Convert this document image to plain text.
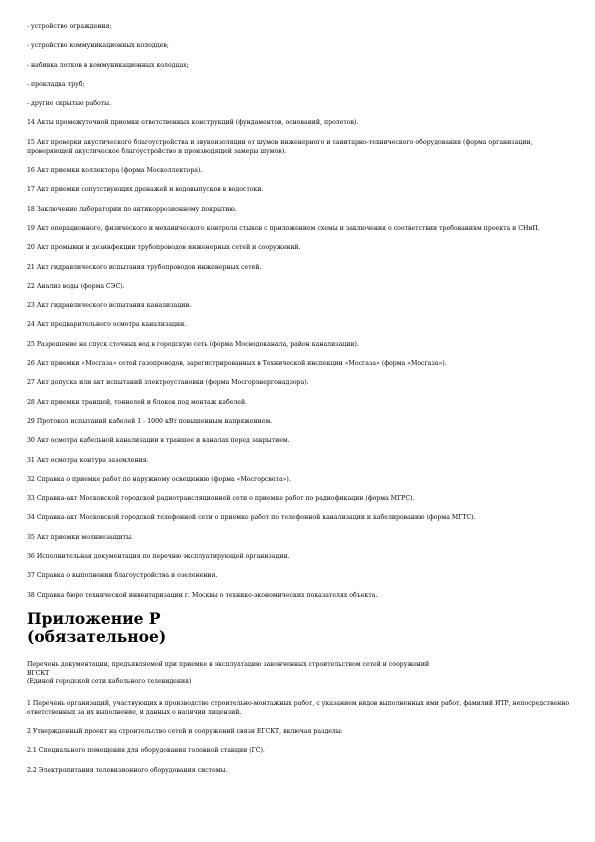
- устройство ограждения;

- устройство коммуникационных колодцев;

- набивка лотков в коммуникационных колодцах;

- прокладка труб;

- другие скрытые работы.

14 Акты промежуточной приемки ответственных конструкций (фундаментов, оснований, пролетов).

15 Акт проверки акустического благоустройства и звукоизоляции от шумов инженерного и санитарно-технического оборудования (форма организации, проверяющей акустическое благоустройство и производящей замеры шумов).

16 Акт приемки коллектора (форма Москоллектора).

17 Акт приемки сопутствующих дренажей и водовыпусков в водостоки.

18 Заключение лаборатории по антикоррозионному покрытию.

19 Акт операционного, физического и механического контроля стыков с приложением схемы и заключения о соответствии требованиям проекта и СНиП.

20 Акт промывки и дезинфекции трубопроводов инженерных сетей и сооружений.

21 Акт гидравлического испытания трубопроводов инженерных сетей.

22 Анализ воды (форма СЭС).

23 Акт гидравлического испытания канализации.

24 Акт предварительного осмотра канализации.

25 Разрешение на спуск сточных вод в городскую сеть (форма Мосводоканала, район канализации).

26 Акт приемки «Мосгаза» сетей газопроводов, зарегистрированных в Технической инспекции «Мосгаза» (форма «Мосгаза»).

27 Акт допуска или акт испытаний электроустановки (форма Мосгорэнергонадзора).

28 Акт приемки траншей, тоннелей и блоков под монтаж кабелей.

29 Протокол испытаний кабелей 1 - 1000 кВт повышенным напряжением.

30 Акт осмотра кабельной канализации в траншее и каналах перед закрытием.

31 Акт осмотра контура заземления.

32 Справка о приемке работ по наружному освещению (форма «Мосгорсвета»).

33 Справка-акт Московской городской радиотрансляционной сети о приемке работ по радиофикации (форма МГРС).

34 Справка-акт Московской городской телефонной сети о приемке работ по телефонной канализации и кабелированию (форма МГТС).

35 Акт приемки молниезащиты.

36 Исполнительная документация по перечню эксплуатирующей организации.

37 Справка о выполнении благоустройства и озеленения.

38 Справка бюро технической инвентаризации г. Москвы о технико-экономических показателях объекта.

Приложение Р
(обязательное)
Перечень документации, предъявляемой при приемке в эксплуатацию законченных строительством сетей и сооружений
ВГСКТ
(Единой городской сети кабельного телевидения)

1 Перечень организаций, участвующих в производстве строительно-монтажных работ, с указанием видов выполненных ими работ, фамилий ИТР, непосредственно ответственных за их выполнение, и данных о наличии лицензий.

2 Утвержденный проект на строительство сетей и сооружений связи ЕГСКТ, включая разделы:

2.1 Специального помещения для оборудования головной станции (ГС).

2.2 Электропитания телевизионного оборудования системы.
